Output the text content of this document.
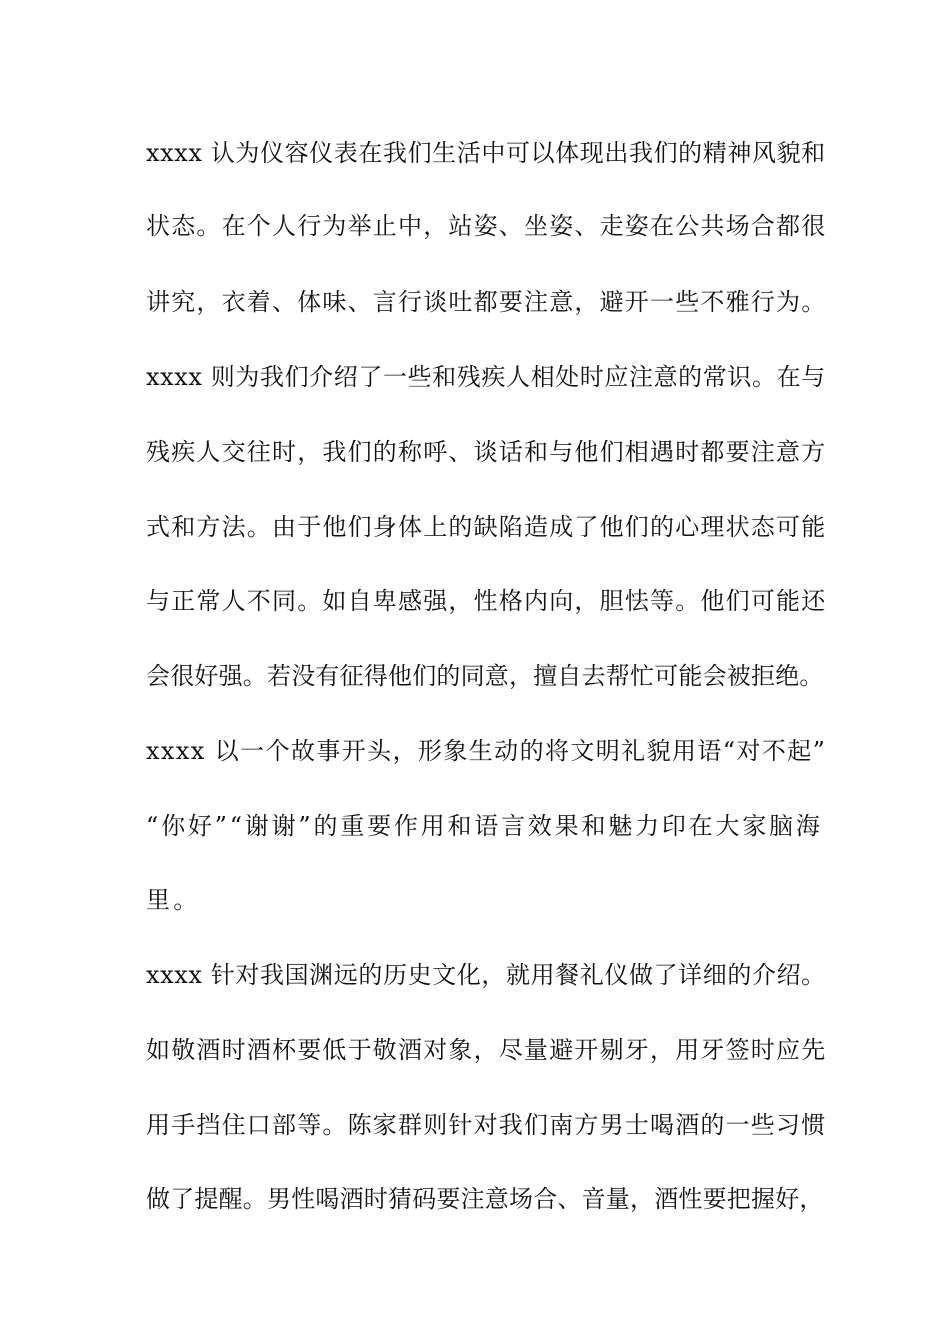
xxxx 认为仪容仪表在我们生活中可以体现出我们的精神风貌和
状态。在个人行为举止中，站姿、坐姿、走姿在公共场合都很
讲究，衣着、体味、言行谈吐都要注意，避开一些不雅行为。
xxxx 则为我们介绍了一些和残疾人相处时应注意的常识。在与
残疾人交往时，我们的称呼、谈话和与他们相遇时都要注意方
式和方法。由于他们身体上的缺陷造成了他们的心理状态可能
与正常人不同。如自卑感强，性格内向，胆怯等。他们可能还
会很好强。若没有征得他们的同意，擅自去帮忙可能会被拒绝。
xxxx 以一个故事开头，形象生动的将文明礼貌用语“对不起”
“你好”“谢谢”的重要作用和语言效果和魅力印在大家脑海
里。
xxxx 针对我国渊远的历史文化，就用餐礼仪做了详细的介绍。
如敬酒时酒杯要低于敬酒对象，尽量避开剔牙，用牙签时应先
用手挡住口部等。陈家群则针对我们南方男士喝酒的一些习惯
做了提醒。男性喝酒时猜码要注意场合、音量，酒性要把握好，
